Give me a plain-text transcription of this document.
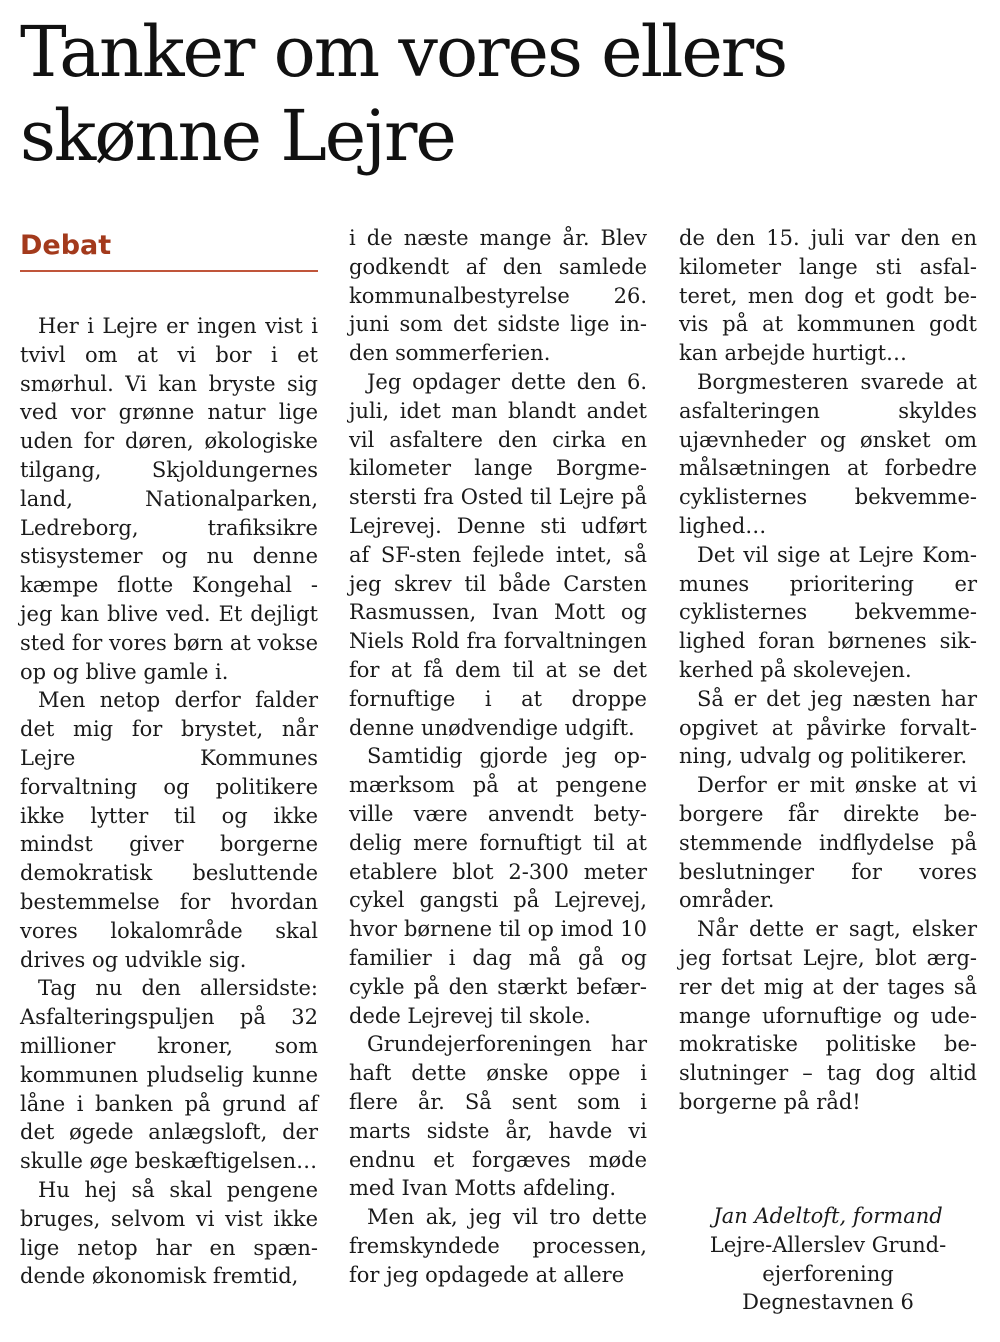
Tanker om vores ellers skønne Lejre
Debat

Her i Lejre er ingen vist i tvivl om at vi bor i et smørhul. Vi kan bryste sig ved vor grønne natur lige uden for døren, økologiske tilgang, Skjoldungernes land, Nationalparken, Ledreborg, trafiksikre stisystemer og nu denne kæmpe flotte Kongehal - jeg kan blive ved. Et dejligt sted for vores børn at vokse op og blive gamle i.

Men netop derfor falder det mig for brystet, når Lejre Kommunes forvaltning og politikere ikke lytter til og ikke mindst giver borgerne demokratisk besluttende bestemmelse for hvordan vores lokalområde skal drives og udvikle sig.

Tag nu den allersidste: Asfalteringspuljen på 32 millioner kroner, som kommunen pludselig kunne låne i banken på grund af det øgede anlægsloft, der skulle øge beskæftigelsen…

Hu hej så skal pengene bruges, selvom vi vist ikke lige netop har en spændende økonomisk fremtid,

i de næste mange år. Blev godkendt af den samlede kommunalbestyrelse 26. juni som det sidste lige inden sommerferien.

Jeg opdager dette den 6. juli, idet man blandt andet vil asfaltere den cirka en kilometer lange Borgmestersti fra Osted til Lejre på Lejrevej. Denne sti udført af SF-sten fejlede intet, så jeg skrev til både Carsten Rasmussen, Ivan Mott og Niels Rold fra forvaltningen for at få dem til at se det fornuftige i at droppe denne unødvendige udgift.

Samtidig gjorde jeg opmærksom på at pengene ville være anvendt betydelig mere fornuftigt til at etablere blot 2-300 meter cykel gangsti på Lejrevej, hvor børnene til op imod 10 familier i dag må gå og cykle på den stærkt befærdede Lejrevej til skole.

Grundejerforeningen har haft dette ønske oppe i flere år. Så sent som i marts sidste år, havde vi endnu et forgæves møde med Ivan Motts afdeling.

Men ak, jeg vil tro dette fremskyndede processen, for jeg opdagede at allere

de den 15. juli var den en kilometer lange sti asfalteret, men dog et godt bevis på at kommunen godt kan arbejde hurtigt…

Borgmesteren svarede at asfalteringen skyldes ujævnheder og ønsket om målsætningen at forbedre cyklisternes bekvemmelighed…

Det vil sige at Lejre Kommunes prioritering er cyklisternes bekvemmelighed foran børnenes sikkerhed på skolevejen.

Så er det jeg næsten har opgivet at påvirke forvaltning, udvalg og politikerer.

Derfor er mit ønske at vi borgere får direkte bestemmende indflydelse på beslutninger for vores områder.

Når dette er sagt, elsker jeg fortsat Lejre, blot ærgrer det mig at der tages så mange ufornuftige og udemokratiske politiske beslutninger – tag dog altid borgerne på råd!

Jan Adeltoft, formand
Lejre-Allerslev Grund-
ejerforening
Degnestavnen 6
